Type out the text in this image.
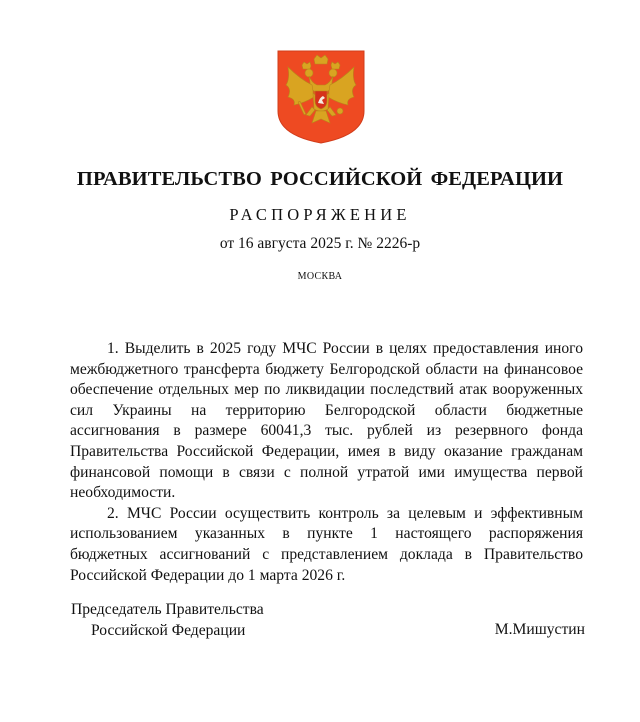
ПРАВИТЕЛЬСТВО РОССИЙСКОЙ ФЕДЕРАЦИИ
РАСПОРЯЖЕНИЕ
от 16 августа 2025 г. № 2226-р
МОСКВА

1. Выделить в 2025 году МЧС России в целях предоставления иного межбюджетного трансферта бюджету Белгородской области на финансовое обеспечение отдельных мер по ликвидации последствий атак вооруженных сил Украины на территорию Белгородской области бюджетные ассигнования в размере 60041,3 тыс. рублей из резервного фонда Правительства Российской Федерации, имея в виду оказание гражданам финансовой помощи в связи с полной утратой ими имущества первой необходимости.

2. МЧС России осуществить контроль за целевым и эффективным использованием указанных в пункте 1 настоящего распоряжения бюджетных ассигнований с представлением доклада в Правительство Российской Федерации до 1 марта 2026 г.

Председатель Правительства
Российской Федерации	М.Мишустин
